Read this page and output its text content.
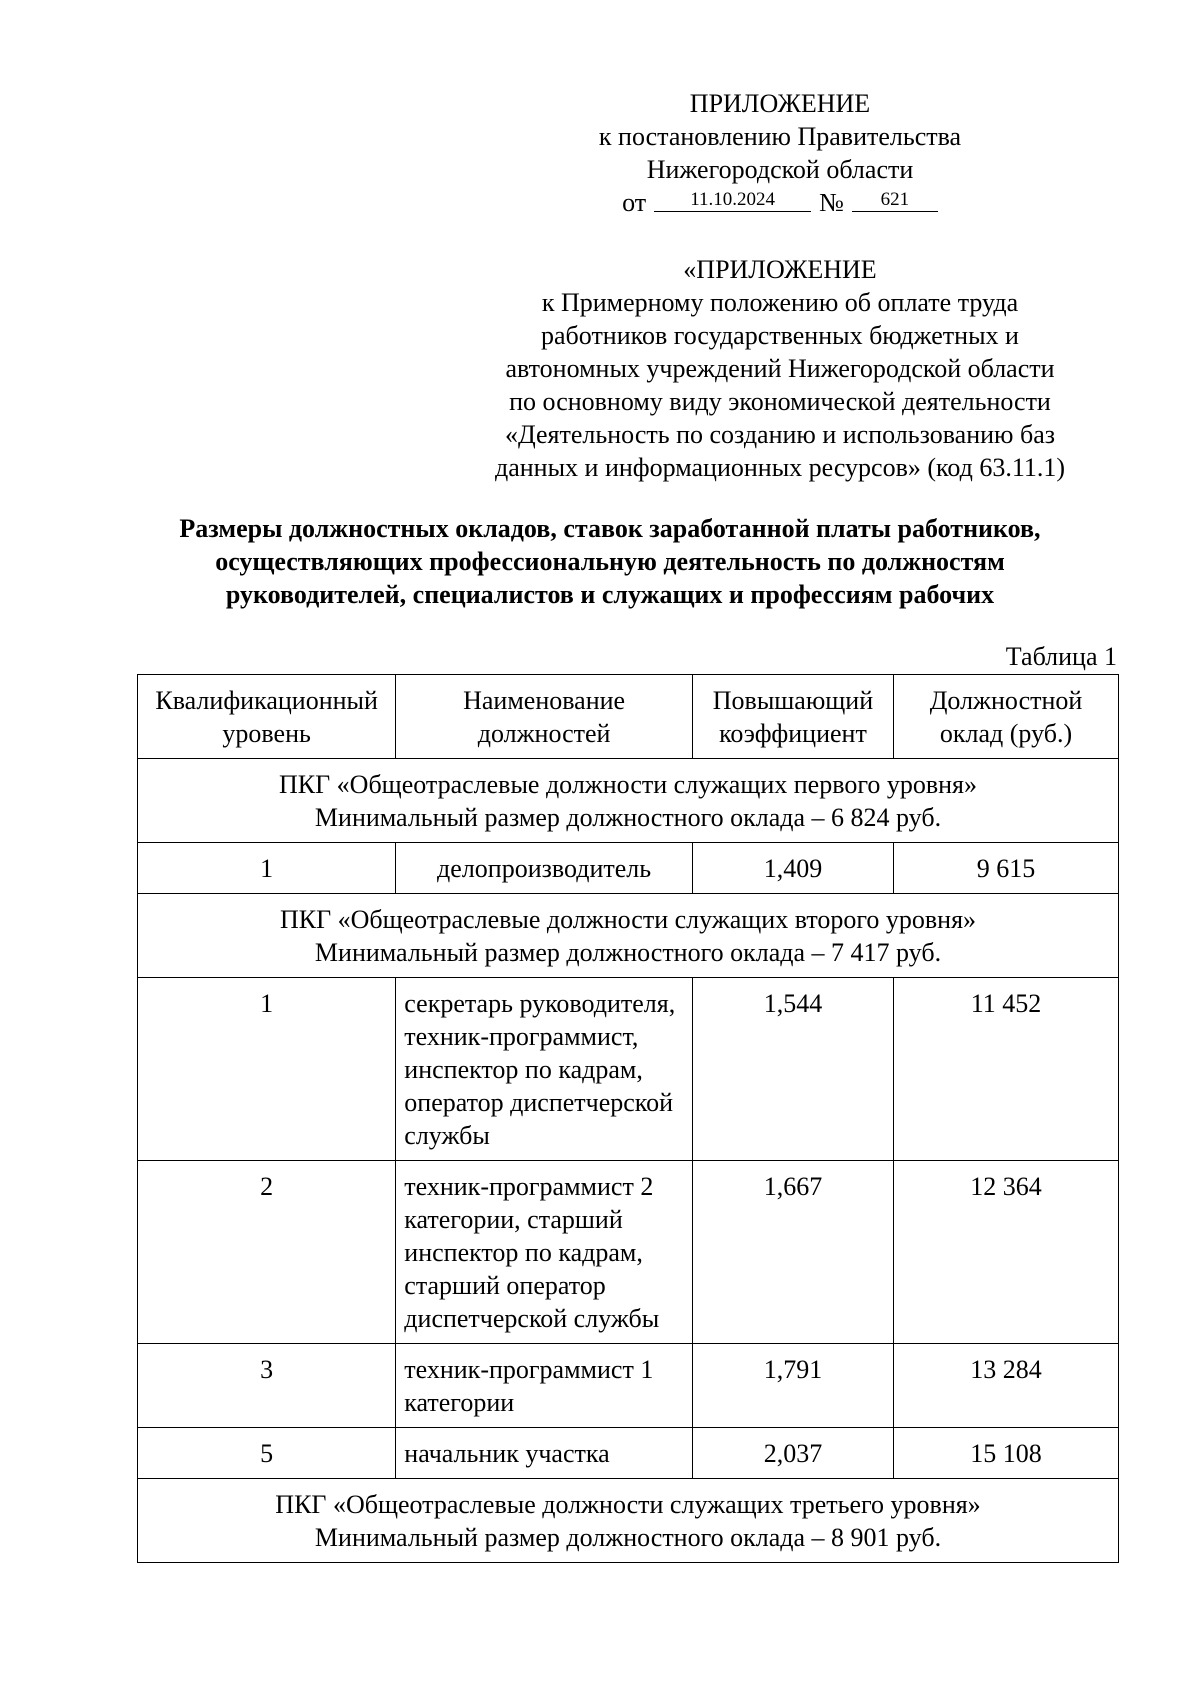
ПРИЛОЖЕНИЕ
к постановлению Правительства
Нижегородской области
от 11.10.2024 № 621
«ПРИЛОЖЕНИЕ
к Примерному положению об оплате труда
работников государственных бюджетных и
автономных учреждений Нижегородской области
по основному виду экономической деятельности
«Деятельность по созданию и использованию баз
данных и информационных ресурсов» (код 63.11.1)
Размеры должностных окладов, ставок заработанной платы работников,
осуществляющих профессиональную деятельность по должностям
руководителей, специалистов и служащих и профессиям рабочих
Таблица 1
Квалификационный уровень	Наименование должностей	Повышающий коэффициент	Должностной оклад (руб.)

ПКГ «Общеотраслевые должности служащих первого уровня»
Минимальный размер должностного оклада – 6 824 руб.			

1	делопроизводитель	1,409	9 615

ПКГ «Общеотраслевые должности служащих второго уровня»
Минимальный размер должностного оклада – 7 417 руб.			

1	секретарь руководителя, техник-программист, инспектор по кадрам, оператор диспетчерской службы	1,544	11 452
2	техник-программист 2 категории, старший инспектор по кадрам, старший оператор диспетчерской службы	1,667	12 364
3	техник-программист 1 категории	1,791	13 284
5	начальник участка	2,037	15 108

ПКГ «Общеотраслевые должности служащих третьего уровня»
Минимальный размер должностного оклада – 8 901 руб.			
